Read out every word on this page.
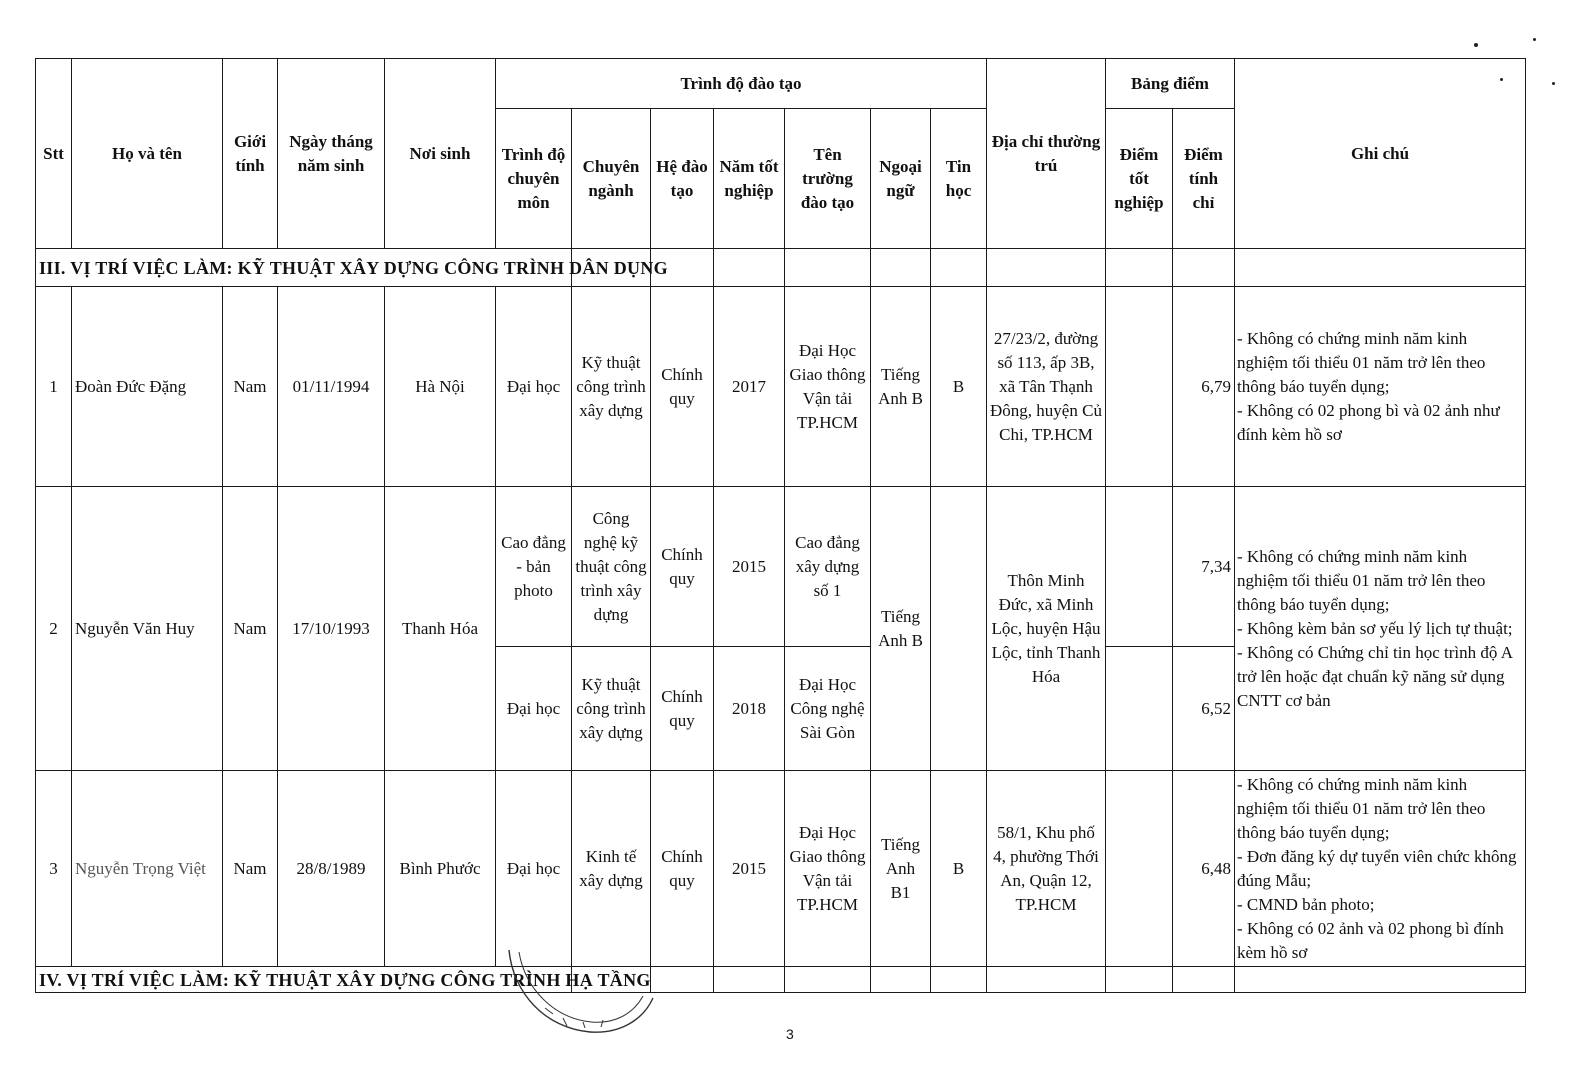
Stt	Họ và tên	Giới tính	Ngày tháng năm sinh	Nơi sinh	Trình độ đào tạo							Địa chỉ thường trú	Bảng điểm		Ghi chú
					Trình độ chuyên môn	Chuyên ngành	Hệ đào tạo	Năm tốt nghiệp	Tên trường đào tạo	Ngoại ngữ	Tin học		Điểm tốt nghiệp	Điểm tính chỉ	
III. VỊ TRÍ VIỆC LÀM: KỸ THUẬT XÂY DỰNG CÔNG TRÌNH DÂN DỤNG															
1	Đoàn Đức Đặng	Nam	01/11/1994	Hà Nội	Đại học	Kỹ thuật công trình xây dựng	Chính quy	2017	Đại Học Giao thông Vận tải TP.HCM	Tiếng Anh B	B	27/23/2, đường số 113, ấp 3B, xã Tân Thạnh Đông, huyện Củ Chi, TP.HCM		6,79	- Không có chứng minh năm kinh nghiệm tối thiểu 01 năm trở lên theo thông báo tuyển dụng;
- Không có 02 phong bì và 02 ảnh như đính kèm hồ sơ

2	Nguyễn Văn Huy	Nam	17/10/1993	Thanh Hóa	Cao đẳng - bản photo	Công nghệ kỹ thuật công trình xây dựng	Chính quy	2015	Cao đẳng xây dựng số 1	Tiếng Anh B		Thôn Minh Đức, xã Minh Lộc, huyện Hậu Lộc, tỉnh Thanh Hóa		7,34	- Không có chứng minh năm kinh nghiệm tối thiểu 01 năm trở lên theo thông báo tuyển dụng;
- Không kèm bản sơ yếu lý lịch tự thuật;
- Không có Chứng chỉ tin học trình độ A trở lên hoặc đạt chuẩn kỹ năng sử dụng CNTT cơ bản

					Đại học	Kỹ thuật công trình xây dựng	Chính quy	2018	Đại Học Công nghệ Sài Gòn					6,52	
3	Nguyễn Trọng Việt	Nam	28/8/1989	Bình Phước	Đại học	Kinh tế xây dựng	Chính quy	2015	Đại Học Giao thông Vận tải TP.HCM	Tiếng Anh B1	B	58/1, Khu phố 4, phường Thới An, Quận 12, TP.HCM		6,48	- Không có chứng minh năm kinh nghiệm tối thiểu 01 năm trở lên theo thông báo tuyển dụng;
- Đơn đăng ký dự tuyển viên chức không đúng Mẫu;
- CMND bản photo;
- Không có 02 ảnh và 02 phong bì đính kèm hồ sơ

IV. VỊ TRÍ VIỆC LÀM: KỸ THUẬT XÂY DỰNG CÔNG TRÌNH HẠ TẦNG															
3
